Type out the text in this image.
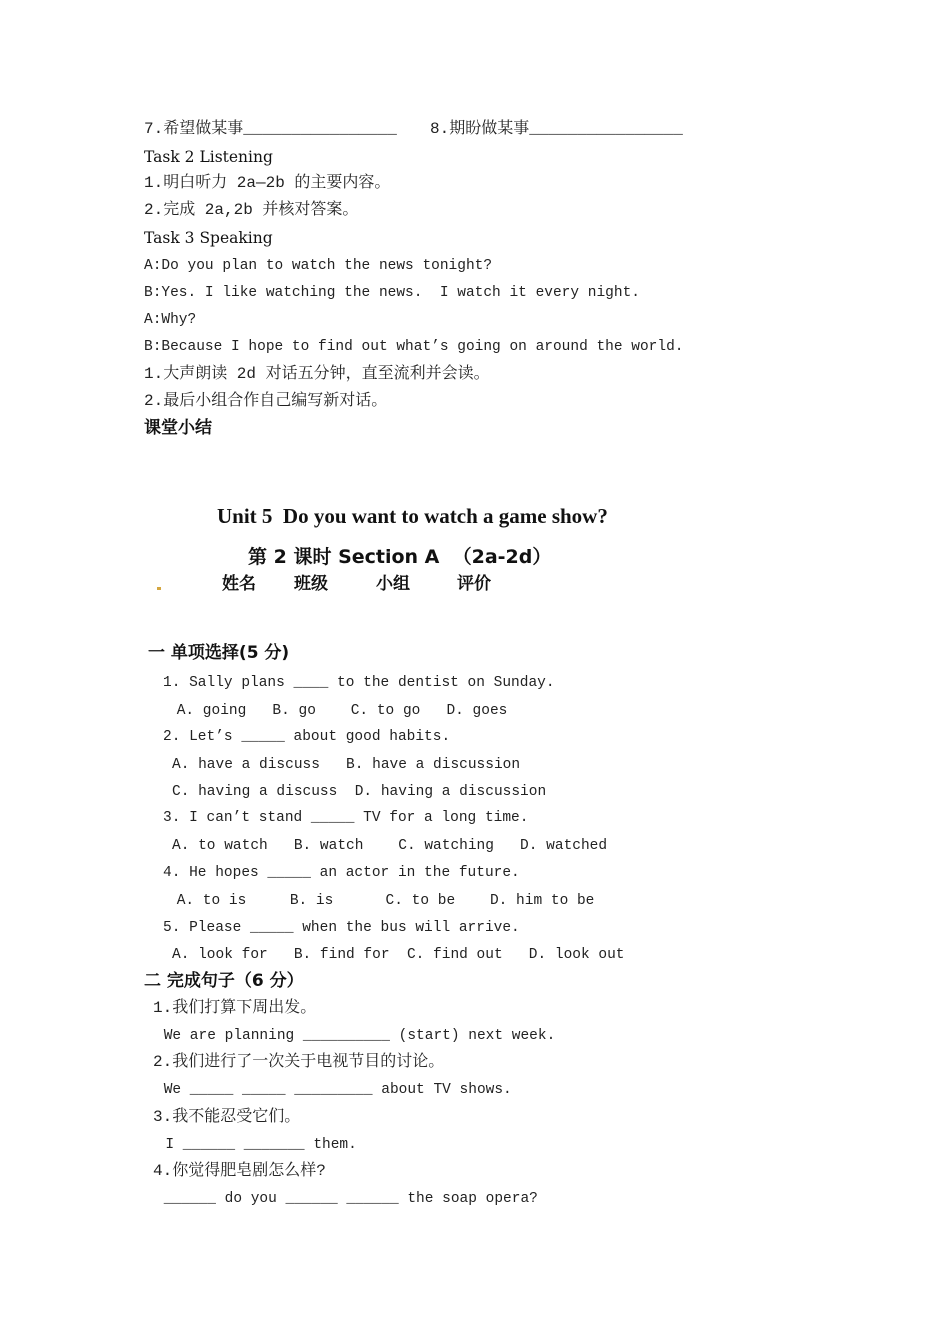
7.希望做某事________________ 8.期盼做某事________________
Task 2 Listening
1.明白听力 2a—2b 的主要内容。
2.完成 2a,2b 并核对答案。
Task 3 Speaking
A:Do you plan to watch the news tonight?
B:Yes. I like watching the news.  I watch it every night.
A:Why?
B:Because I hope to find out what’s going on around the world.
1.大声朗读 2d 对话五分钟，直至流利并会读。
2.最后小组合作自己编写新对话。
课堂小结
Unit 5  Do you want to watch a game show?
第 2 课时 Section A  （2a-2d）
姓名 班级	小组	评价
一 单项选择(5 分)
1. Sally plans ____ to the dentist on Sunday.
A. going   B. go    C. to go   D. goes
2. Let’s _____ about good habits.
A. have a discuss   B. have a discussion
C. having a discuss  D. having a discussion
3. I can’t stand _____ TV for a long time.
A. to watch   B. watch    C. watching   D. watched
4. He hopes _____ an actor in the future.
A. to is     B. is      C. to be    D. him to be
5. Please _____ when the bus will arrive.
A. look for   B. find for  C. find out   D. look out
二 完成句子（6 分）
1.我们打算下周出发。
We are planning __________ (start) next week.
2.我们进行了一次关于电视节目的讨论。
We _____ _____ _________ about TV shows.
3.我不能忍受它们。
I ______ _______ them.
4.你觉得肥皂剧怎么样?
______ do you ______ ______ the soap opera?
